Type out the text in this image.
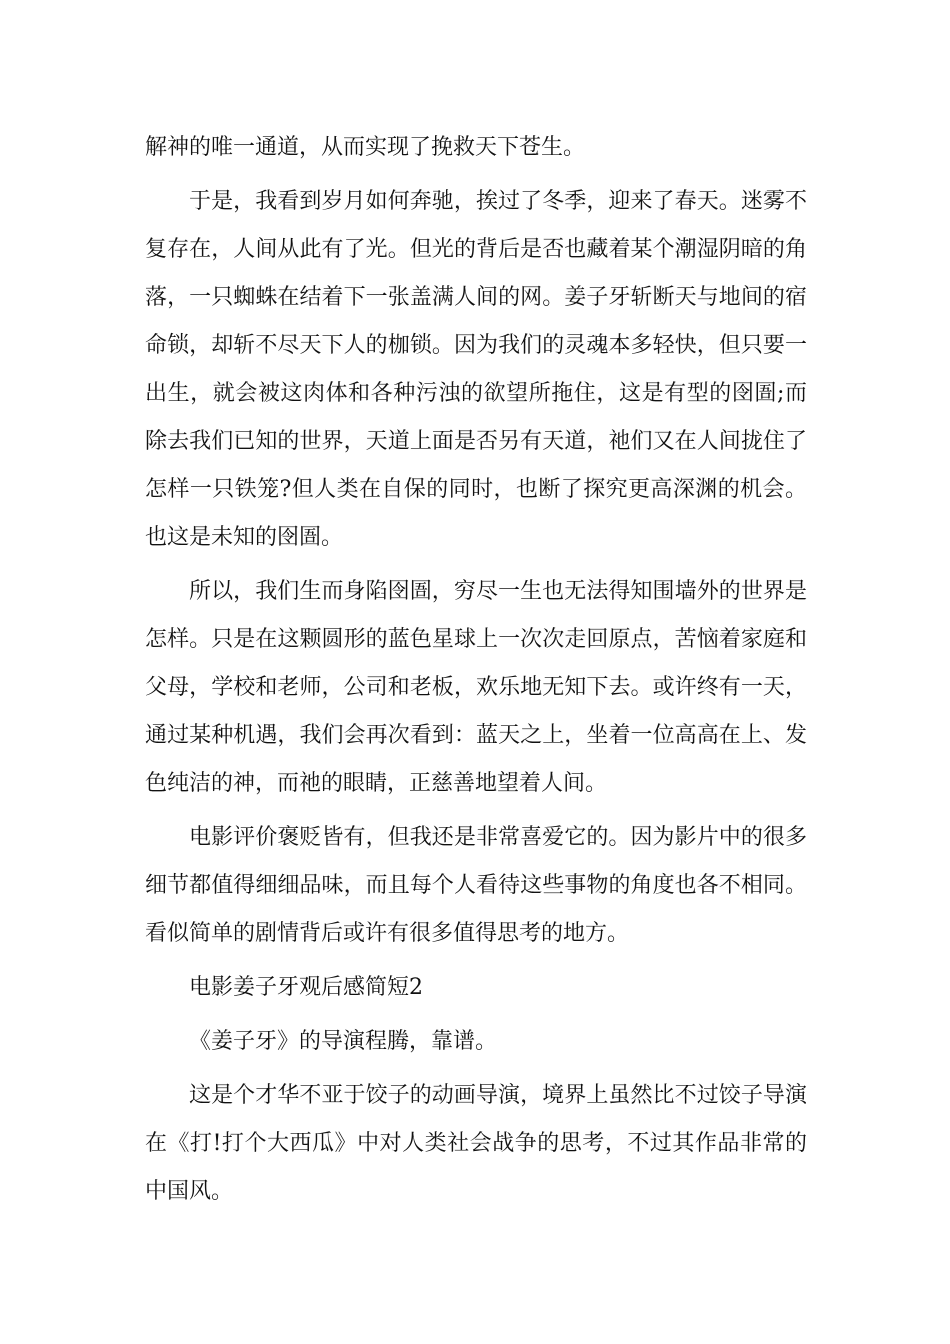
解神的唯一通道，从而实现了挽救天下苍生。

于是，我看到岁月如何奔驰，挨过了冬季，迎来了春天。迷雾不复存在，人间从此有了光。但光的背后是否也藏着某个潮湿阴暗的角落，一只蜘蛛在结着下一张盖满人间的网。姜子牙斩断天与地间的宿命锁，却斩不尽天下人的枷锁。因为我们的灵魂本多轻快，但只要一出生，就会被这肉体和各种污浊的欲望所拖住，这是有型的囹圄;而除去我们已知的世界，天道上面是否另有天道，祂们又在人间拢住了怎样一只铁笼?但人类在自保的同时，也断了探究更高深渊的机会。也这是未知的囹圄。

所以，我们生而身陷囹圄，穷尽一生也无法得知围墙外的世界是怎样。只是在这颗圆形的蓝色星球上一次次走回原点，苦恼着家庭和父母，学校和老师，公司和老板，欢乐地无知下去。或许终有一天，通过某种机遇，我们会再次看到：蓝天之上，坐着一位高高在上、发色纯洁的神，而祂的眼睛，正慈善地望着人间。

电影评价褒贬皆有，但我还是非常喜爱它的。因为影片中的很多细节都值得细细品味，而且每个人看待这些事物的角度也各不相同。看似简单的剧情背后或许有很多值得思考的地方。

电影姜子牙观后感简短2

《姜子牙》的导演程腾，靠谱。

这是个才华不亚于饺子的动画导演，境界上虽然比不过饺子导演在《打!打个大西瓜》中对人类社会战争的思考，不过其作品非常的中国风。
